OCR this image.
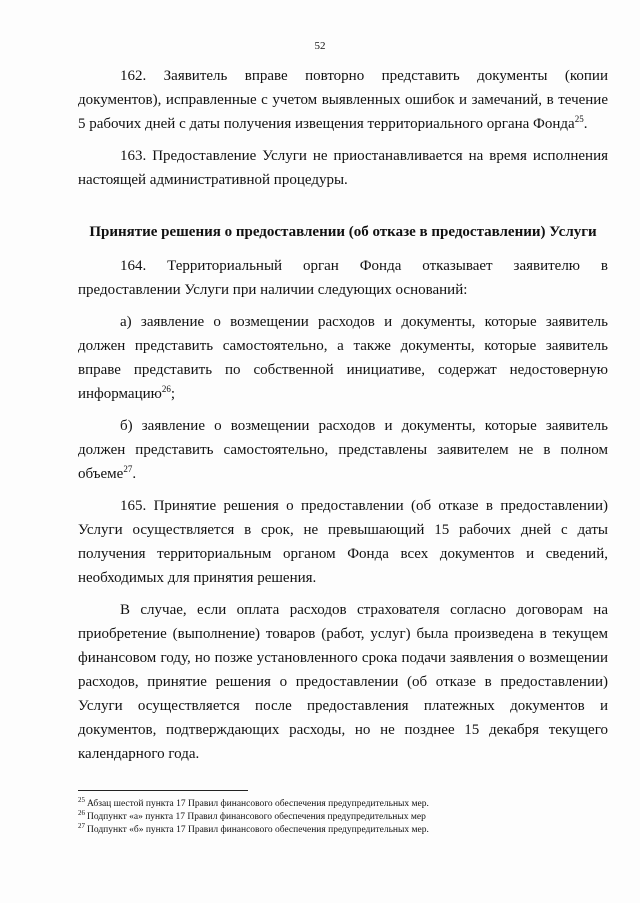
52

162. Заявитель вправе повторно представить документы (копии документов), исправленные с учетом выявленных ошибок и замечаний, в течение 5 рабочих дней с даты получения извещения территориального органа Фонда$^{25}$.

163. Предоставление Услуги не приостанавливается на время исполнения настоящей административной процедуры.

Принятие решения о предоставлении (об отказе в предоставлении) Услуги

164. Территориальный орган Фонда отказывает заявителю в предоставлении Услуги при наличии следующих оснований:

а) заявление о возмещении расходов и документы, которые заявитель должен представить самостоятельно, а также документы, которые заявитель вправе представить по собственной инициативе, содержат недостоверную информацию$^{26}$;

б) заявление о возмещении расходов и документы, которые заявитель должен представить самостоятельно, представлены заявителем не в полном объеме$^{27}$.

165. Принятие решения о предоставлении (об отказе в предоставлении) Услуги осуществляется в срок, не превышающий 15 рабочих дней с даты получения территориальным органом Фонда всех документов и сведений, необходимых для принятия решения.

В случае, если оплата расходов страхователя согласно договорам на приобретение (выполнение) товаров (работ, услуг) была произведена в текущем финансовом году, но позже установленного срока подачи заявления о возмещении расходов, принятие решения о предоставлении (об отказе в предоставлении) Услуги осуществляется после предоставления платежных документов и документов, подтверждающих расходы, но не позднее 15 декабря текущего календарного года.

$^{25}$ Абзац шестой пункта 17 Правил финансового обеспечения предупредительных мер.
$^{26}$ Подпункт «а» пункта 17 Правил финансового обеспечения предупредительных мер
$^{27}$ Подпункт «б» пункта 17 Правил финансового обеспечения предупредительных мер.
